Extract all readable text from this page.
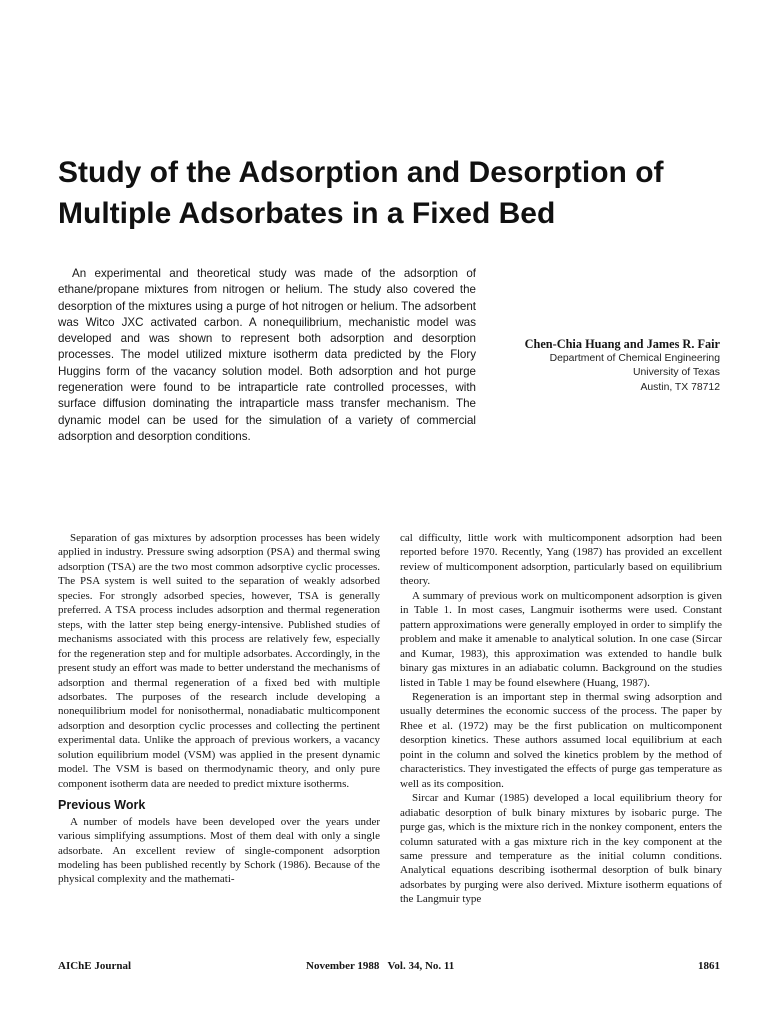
Study of the Adsorption and Desorption of Multiple Adsorbates in a Fixed Bed

An experimental and theoretical study was made of the adsorption of ethane/propane mixtures from nitrogen or helium. The study also covered the desorption of the mixtures using a purge of hot nitrogen or helium. The adsorbent was Witco JXC activated carbon. A nonequilibrium, mechanistic model was developed and was shown to represent both adsorption and desorption processes. The model utilized mixture isotherm data predicted by the Flory Huggins form of the vacancy solution model. Both adsorption and hot purge regeneration were found to be intraparticle rate controlled processes, with surface diffusion dominating the intraparticle mass transfer mechanism. The dynamic model can be used for the simulation of a variety of commercial adsorption and desorption conditions.

Chen-Chia Huang and James R. Fair
Department of Chemical Engineering
University of Texas
Austin, TX 78712

Separation of gas mixtures by adsorption processes has been widely applied in industry. Pressure swing adsorption (PSA) and thermal swing adsorption (TSA) are the two most common adsorptive cyclic processes. The PSA system is well suited to the separation of weakly adsorbed species. For strongly adsorbed species, however, TSA is generally preferred. A TSA process includes adsorption and thermal regeneration steps, with the latter step being energy-intensive. Published studies of mechanisms associated with this process are relatively few, especially for the regeneration step and for multiple adsorbates. Accordingly, in the present study an effort was made to better understand the mechanisms of adsorption and thermal regeneration of a fixed bed with multiple adsorbates. The purposes of the research include developing a nonequilibrium model for nonisothermal, nonadiabatic multicomponent adsorption and desorption cyclic processes and collecting the pertinent experimental data. Unlike the approach of previous workers, a vacancy solution equilibrium model (VSM) was applied in the present dynamic model. The VSM is based on thermodynamic theory, and only pure component isotherm data are needed to predict mixture isotherms.

Previous Work

A number of models have been developed over the years under various simplifying assumptions. Most of them deal with only a single adsorbate. An excellent review of single-component adsorption modeling has been published recently by Schork (1986). Because of the physical complexity and the mathemati-

cal difficulty, little work with multicomponent adsorption had been reported before 1970. Recently, Yang (1987) has provided an excellent review of multicomponent adsorption, particularly based on equilibrium theory.

A summary of previous work on multicomponent adsorption is given in Table 1. In most cases, Langmuir isotherms were used. Constant pattern approximations were generally employed in order to simplify the problem and make it amenable to analytical solution. In one case (Sircar and Kumar, 1983), this approximation was extended to handle bulk binary gas mixtures in an adiabatic column. Background on the studies listed in Table 1 may be found elsewhere (Huang, 1987).

Regeneration is an important step in thermal swing adsorption and usually determines the economic success of the process. The paper by Rhee et al. (1972) may be the first publication on multicomponent desorption kinetics. These authors assumed local equilibrium at each point in the column and solved the kinetics problem by the method of characteristics. They investigated the effects of purge gas temperature as well as its composition.

Sircar and Kumar (1985) developed a local equilibrium theory for adiabatic desorption of bulk binary mixtures by isobaric purge. The purge gas, which is the mixture rich in the nonkey component, enters the column saturated with a gas mixture rich in the key component at the same pressure and temperature as the initial column conditions. Analytical equations describing isothermal desorption of bulk binary adsorbates by purging were also derived. Mixture isotherm equations of the Langmuir type

AIChE Journal	November 1988   Vol. 34, No. 11	1861
